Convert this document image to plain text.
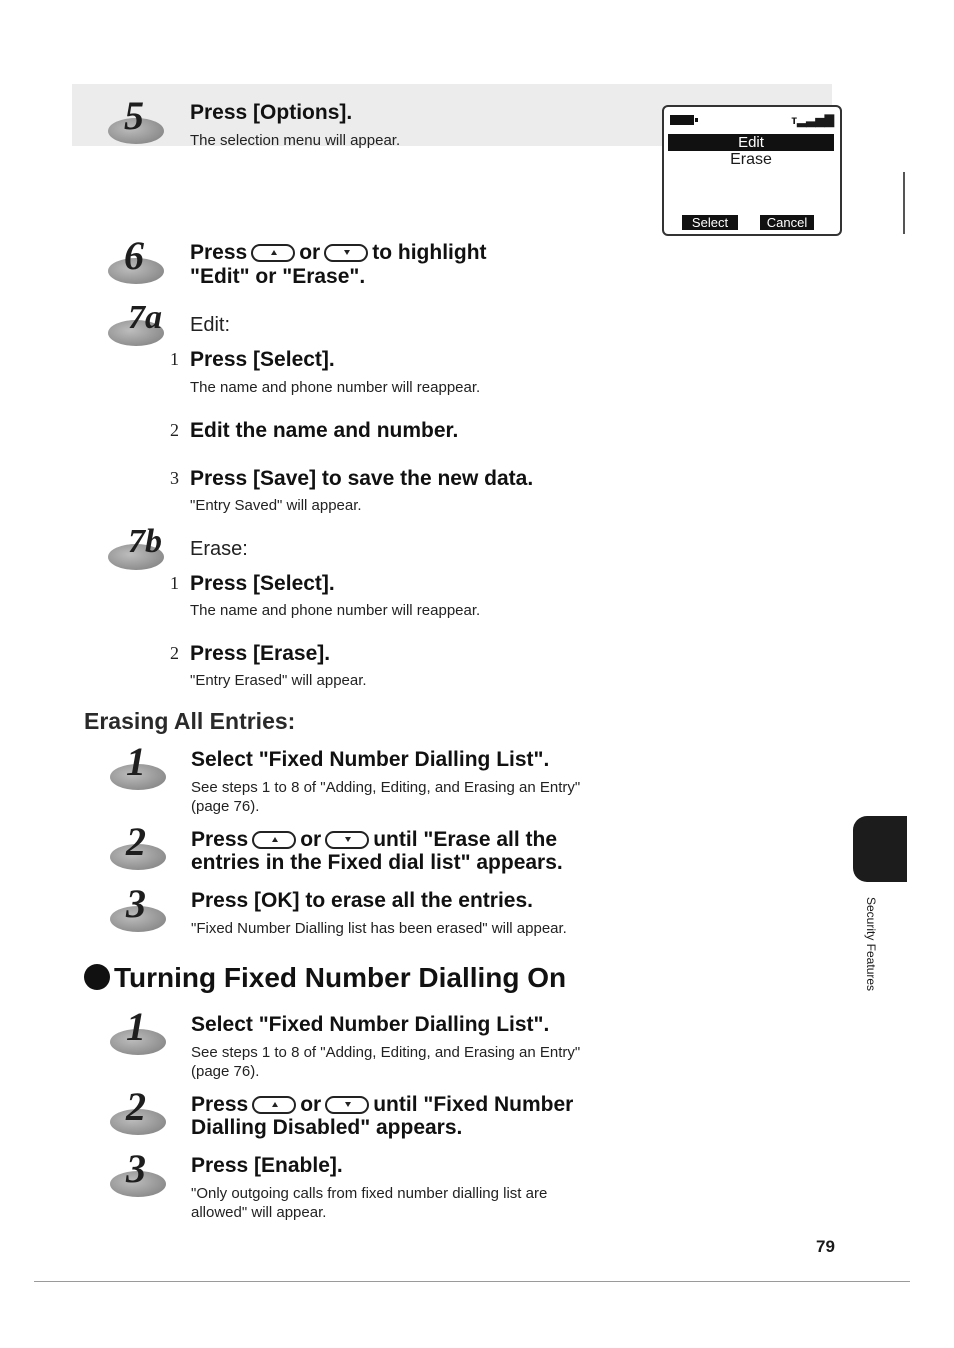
5 Press [Options].
The selection menu will appear.
ᴛ▂▃▅▇
Edit
Erase
Select	Cancel
6 Press or to highlight
"Edit" or "Erase".
7a Edit:
1 Press [Select].
The name and phone number will reappear.
2 Edit the name and number.
3 Press [Save] to save the new data.
"Entry Saved" will appear.
7b Erase:
1 Press [Select].
The name and phone number will reappear.
2 Press [Erase].
"Entry Erased" will appear.
Erasing All Entries:
1 Select "Fixed Number Dialling List".
See steps 1 to 8 of "Adding, Editing, and Erasing an Entry"
(page 76).
2 Press or until "Erase all the
entries in the Fixed dial list" appears.
3 Press [OK] to erase all the entries.
"Fixed Number Dialling list has been erased" will appear.
Turning Fixed Number Dialling On
1 Select "Fixed Number Dialling List".
See steps 1 to 8 of "Adding, Editing, and Erasing an Entry"
(page 76).
2 Press or until "Fixed Number
Dialling Disabled" appears.
3 Press [Enable].
"Only outgoing calls from fixed number dialling list are
allowed" will appear.
Security Features
79
